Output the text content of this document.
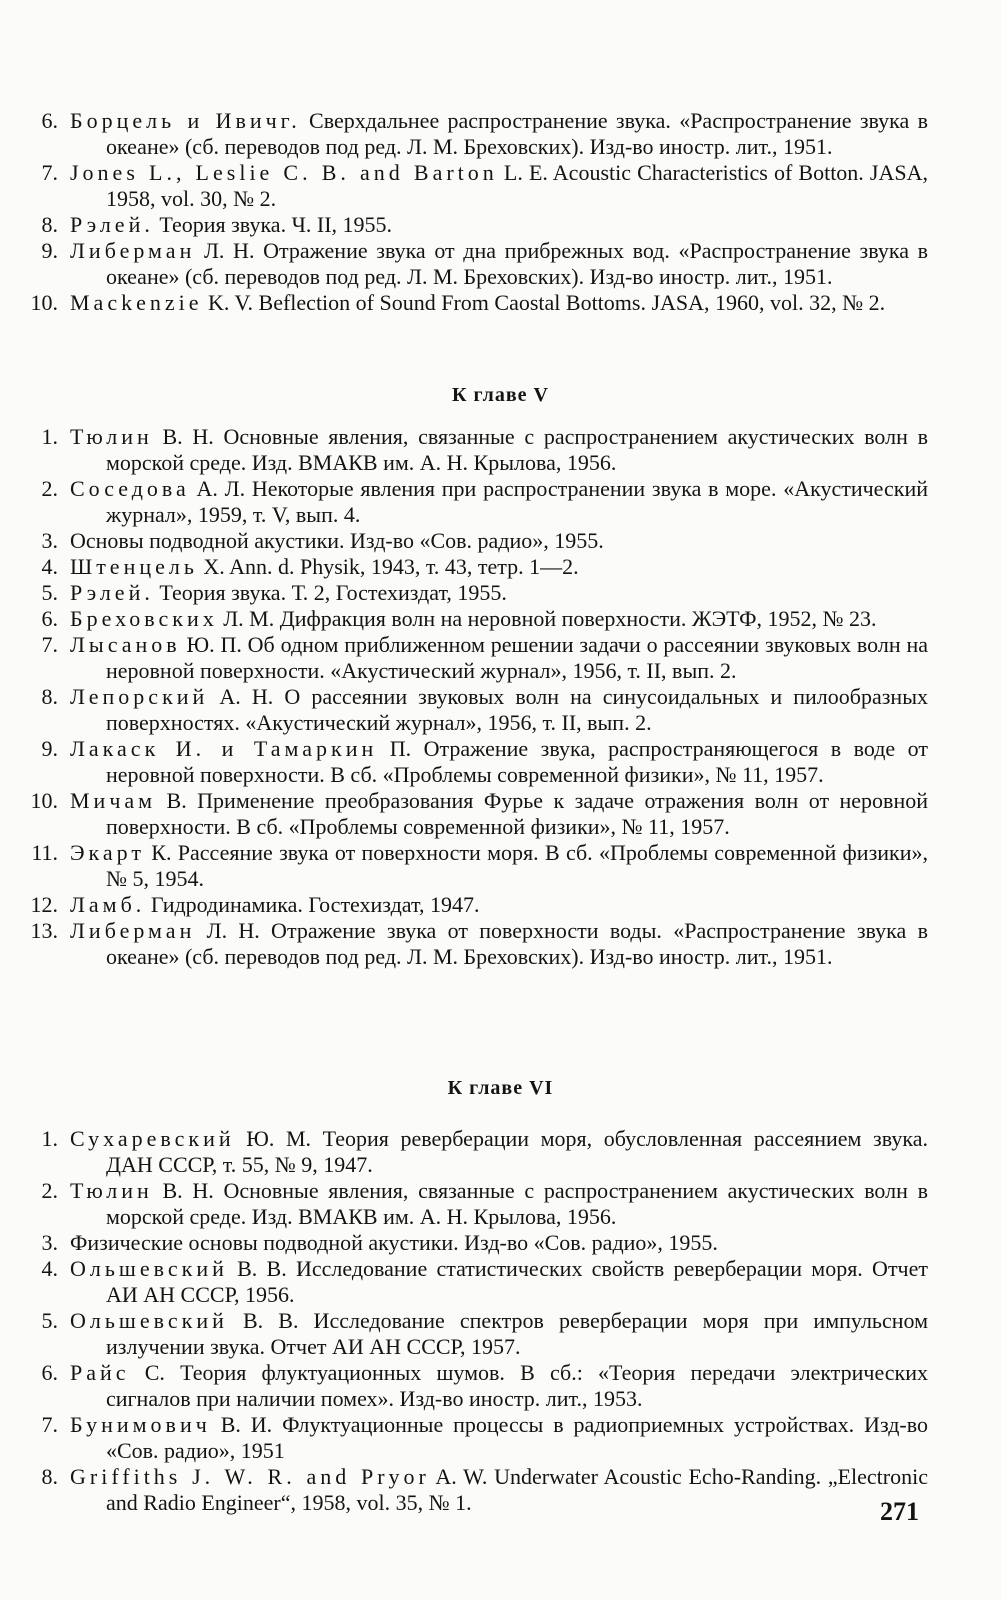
6. Борцель и Ивичг. Сверхдальнее распространение звука. «Распространение звука в океане» (сб. переводов под ред. Л. М. Бреховских). Изд-во иностр. лит., 1951.

7. Jones L., Leslie C. B. and Barton L. E. Acoustic Characteristics of Botton. JASA, 1958, vol. 30, № 2.

8. Рэлей. Теория звука. Ч. II, 1955.

9. Либерман Л. Н. Отражение звука от дна прибрежных вод. «Распространение звука в океане» (сб. переводов под ред. Л. М. Бреховских). Изд-во иностр. лит., 1951.

10. Mackenzie K. V. Beflection of Sound From Caostal Bottoms. JASA, 1960, vol. 32, № 2.

К главе V

1. Тюлин В. Н. Основные явления, связанные с распространением акустических волн в морской среде. Изд. ВМАКВ им. А. Н. Крылова, 1956.

2. Соседова А. Л. Некоторые явления при распространении звука в море. «Акустический журнал», 1959, т. V, вып. 4.

3. Основы подводной акустики. Изд-во «Сов. радио», 1955.

4. Штенцель X. Ann. d. Physik, 1943, т. 43, тетр. 1—2.

5. Рэлей. Теория звука. Т. 2, Гостехиздат, 1955.

6. Бреховских Л. М. Дифракция волн на неровной поверхности. ЖЭТФ, 1952, № 23.

7. Лысанов Ю. П. Об одном приближенном решении задачи о рассеянии звуковых волн на неровной поверхности. «Акустический журнал», 1956, т. II, вып. 2.

8. Лепорский А. Н. О рассеянии звуковых волн на синусоидальных и пилообразных поверхностях. «Акустический журнал», 1956, т. II, вып. 2.

9. Лакаск И. и Тамаркин П. Отражение звука, распространяющегося в воде от неровной поверхности. В сб. «Проблемы современной физики», № 11, 1957.

10. Мичам В. Применение преобразования Фурье к задаче отражения волн от неровной поверхности. В сб. «Проблемы современной физики», № 11, 1957.

11. Экарт К. Рассеяние звука от поверхности моря. В сб. «Проблемы современной физики», № 5, 1954.

12. Ламб. Гидродинамика. Гостехиздат, 1947.

13. Либерман Л. Н. Отражение звука от поверхности воды. «Распространение звука в океане» (сб. переводов под ред. Л. М. Бреховских). Изд-во иностр. лит., 1951.

К главе VI

1. Сухаревский Ю. М. Теория реверберации моря, обусловленная рассеянием звука. ДАН СССР, т. 55, № 9, 1947.

2. Тюлин В. Н. Основные явления, связанные с распространением акустических волн в морской среде. Изд. ВМАКВ им. А. Н. Крылова, 1956.

3. Физические основы подводной акустики. Изд-во «Сов. радио», 1955.

4. Ольшевский В. В. Исследование статистических свойств реверберации моря. Отчет АИ АН СССР, 1956.

5. Ольшевский В. В. Исследование спектров реверберации моря при импульсном излучении звука. Отчет АИ АН СССР, 1957.

6. Райс С. Теория флуктуационных шумов. В сб.: «Теория передачи электрических сигналов при наличии помех». Изд-во иностр. лит., 1953.

7. Бунимович В. И. Флуктуационные процессы в радиоприемных устройствах. Изд-во «Сов. радио», 1951

8. Griffiths J. W. R. and Pryor A. W. Underwater Acoustic Echo-Randing. „Electronic and Radio Engineer“, 1958, vol. 35, № 1.	271
